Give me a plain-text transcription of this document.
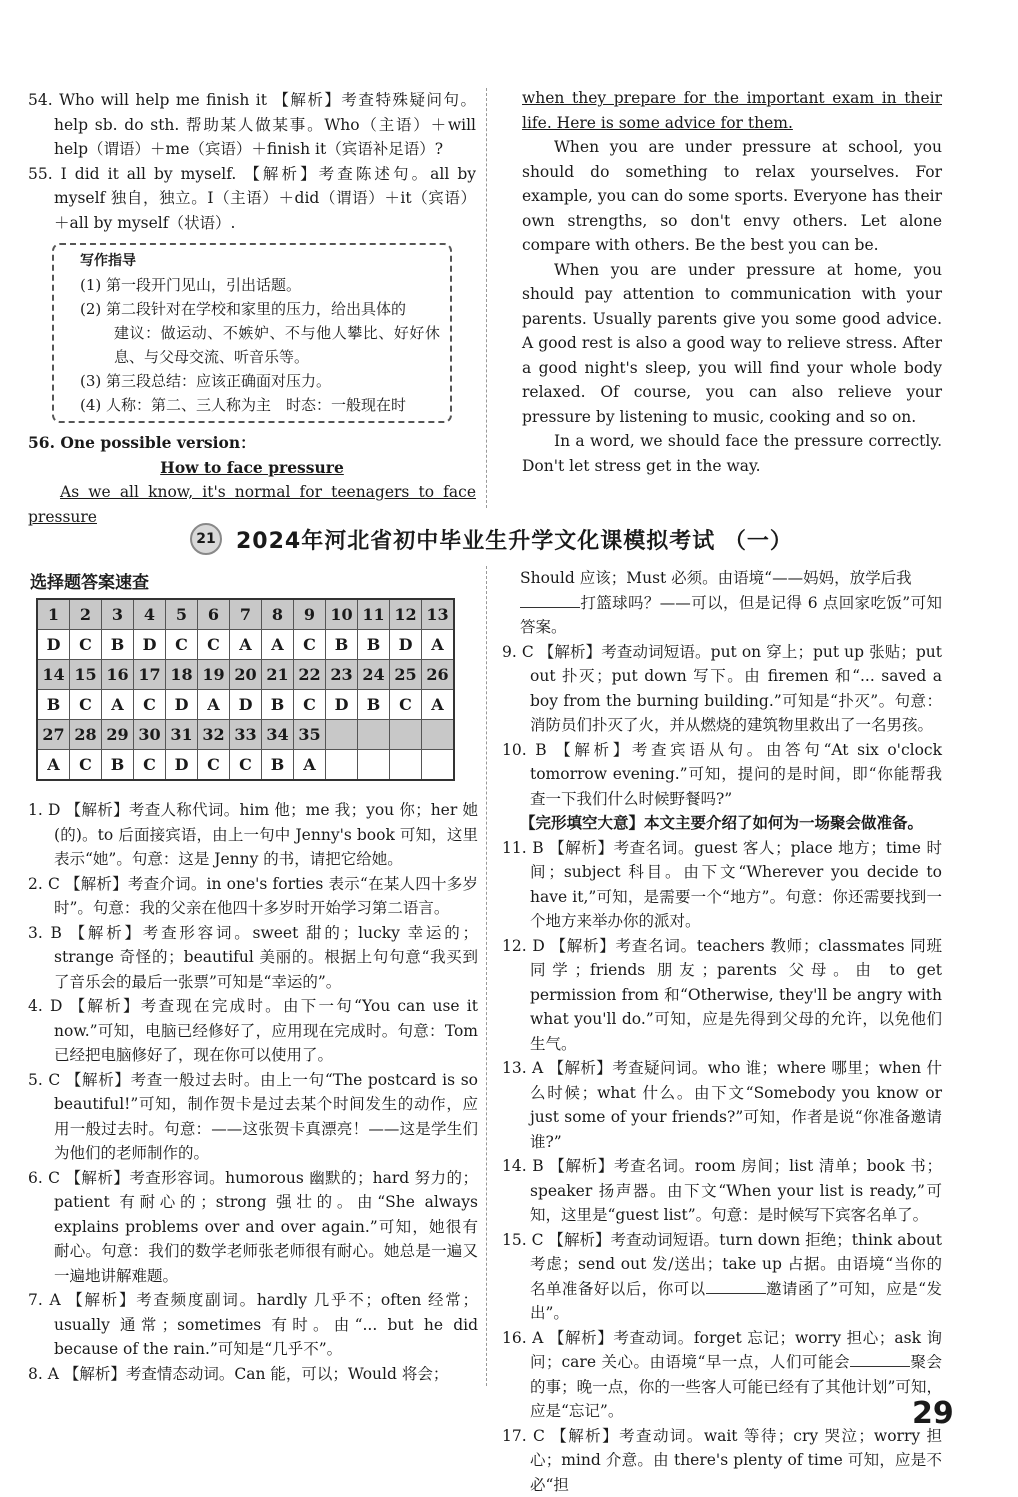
54. Who will help me finish it 【解析】考查特殊疑问句。help sb. do sth. 帮助某人做某事。Who（主语）＋will help（谓语）＋me（宾语）＋finish it（宾语补足语）?

55. I did it all by myself. 【解析】考查陈述句。all by myself 独自，独立。I（主语）＋did（谓语）＋it（宾语）＋all by myself（状语）.

写作指导

(1) 第一段开门见山，引出话题。

(2) 第二段针对在学校和家里的压力，给出具体的

建议：做运动、不嫉妒、不与他人攀比、好好休息、与父母交流、听音乐等。

(3) 第三段总结：应该正确面对压力。

(4) 人称：第二、三人称为主　时态：一般现在时

56. One possible version：

How to face pressure

As we all know, it's normal for teenagers to face pressure

when they prepare for the important exam in their life. Here is some advice for them.

When you are under pressure at school, you should do something to relax yourselves. For example, you can do some sports. Everyone has their own strengths, so don't envy others. Let alone compare with others. Be the best you can be.

When you are under pressure at home, you should pay attention to communication with your parents. Usually parents give you some good advice. A good rest is also a good way to relieve stress. After a good night's sleep, you will find your whole body relaxed. Of course, you can also relieve your pressure by listening to music, cooking and so on.

In a word, we should face the pressure correctly. Don't let stress get in the way.

21 2024年河北省初中毕业生升学文化课模拟考试 （一）
选择题答案速查
1	2	3	4	5	6	7	8	9	10	11	12	13
D	C	B	D	C	C	A	A	C	B	B	D	A
14	15	16	17	18	19	20	21	22	23	24	25	26
B	C	A	C	D	A	D	B	C	D	B	C	A
27	28	29	30	31	32	33	34	35				
A	C	B	C	D	C	C	B	A				

1. D 【解析】考查人称代词。him 他；me 我；you 你；her 她(的)。to 后面接宾语，由上一句中 Jenny's book 可知，这里表示“她”。句意：这是 Jenny 的书，请把它给她。

2. C 【解析】考查介词。in one's forties 表示“在某人四十多岁时”。句意：我的父亲在他四十多岁时开始学习第二语言。

3. B 【解析】考查形容词。sweet 甜的；lucky 幸运的；strange 奇怪的；beautiful 美丽的。根据上句句意“我买到了音乐会的最后一张票”可知是“幸运的”。

4. D 【解析】考查现在完成时。由下一句“You can use it now.”可知，电脑已经修好了，应用现在完成时。句意：Tom 已经把电脑修好了，现在你可以使用了。

5. C 【解析】考查一般过去时。由上一句“The postcard is so beautiful!”可知，制作贺卡是过去某个时间发生的动作，应用一般过去时。句意：——这张贺卡真漂亮！——这是学生们为他们的老师制作的。

6. C 【解析】考查形容词。humorous 幽默的；hard 努力的；patient 有耐心的；strong 强壮的。由“She always explains problems over and over again.”可知，她很有耐心。句意：我们的数学老师张老师很有耐心。她总是一遍又一遍地讲解难题。

7. A 【解析】考查频度副词。hardly 几乎不；often 经常；usually 通常；sometimes 有时。由“... but he did because of the rain.”可知是“几乎不”。

8. A 【解析】考查情态动词。Can 能，可以；Would 将会；

Should 应该；Must 必须。由语境“——妈妈，放学后我

打篮球吗？——可以，但是记得 6 点回家吃饭”可知答案。

9. C 【解析】考查动词短语。put on 穿上；put up 张贴；put out 扑灭；put down 写下。由 firemen 和“... saved a boy from the burning building.”可知是“扑灭”。句意：消防员们扑灭了火，并从燃烧的建筑物里救出了一名男孩。

10. B 【解析】考查宾语从句。由答句“At six o'clock tomorrow evening.”可知，提问的是时间，即“你能帮我查一下我们什么时候野餐吗?”

【完形填空大意】本文主要介绍了如何为一场聚会做准备。

11. B 【解析】考查名词。guest 客人；place 地方；time 时间；subject 科目。由下文“Wherever you decide to have it,”可知，是需要一个“地方”。句意：你还需要找到一个地方来举办你的派对。

12. D 【解析】考查名词。teachers 教师；classmates 同班同学；friends 朋友；parents 父母。由 to get permission from 和“Otherwise, they'll be angry with what you'll do.”可知，应是先得到父母的允许，以免他们生气。

13. A 【解析】考查疑问词。who 谁；where 哪里；when 什么时候；what 什么。由下文“Somebody you know or just some of your friends?”可知，作者是说“你准备邀请谁?”

14. B 【解析】考查名词。room 房间；list 清单；book 书；speaker 扬声器。由下文“When your list is ready,”可知，这里是“guest list”。句意：是时候写下宾客名单了。

15. C 【解析】考查动词短语。turn down 拒绝；think about 考虑；send out 发/送出；take up 占据。由语境“当你的名单准备好以后，你可以	邀请函了”可知，应是“发出”。

16. A 【解析】考查动词。forget 忘记；worry 担心；ask 询问；care 关心。由语境“早一点，人们可能会	聚会的事；晚一点，你的一些客人可能已经有了其他计划”可知，应是“忘记”。

17. C 【解析】考查动词。wait 等待；cry 哭泣；worry 担心；mind 介意。由 there's plenty of time 可知，应是不必“担

29
